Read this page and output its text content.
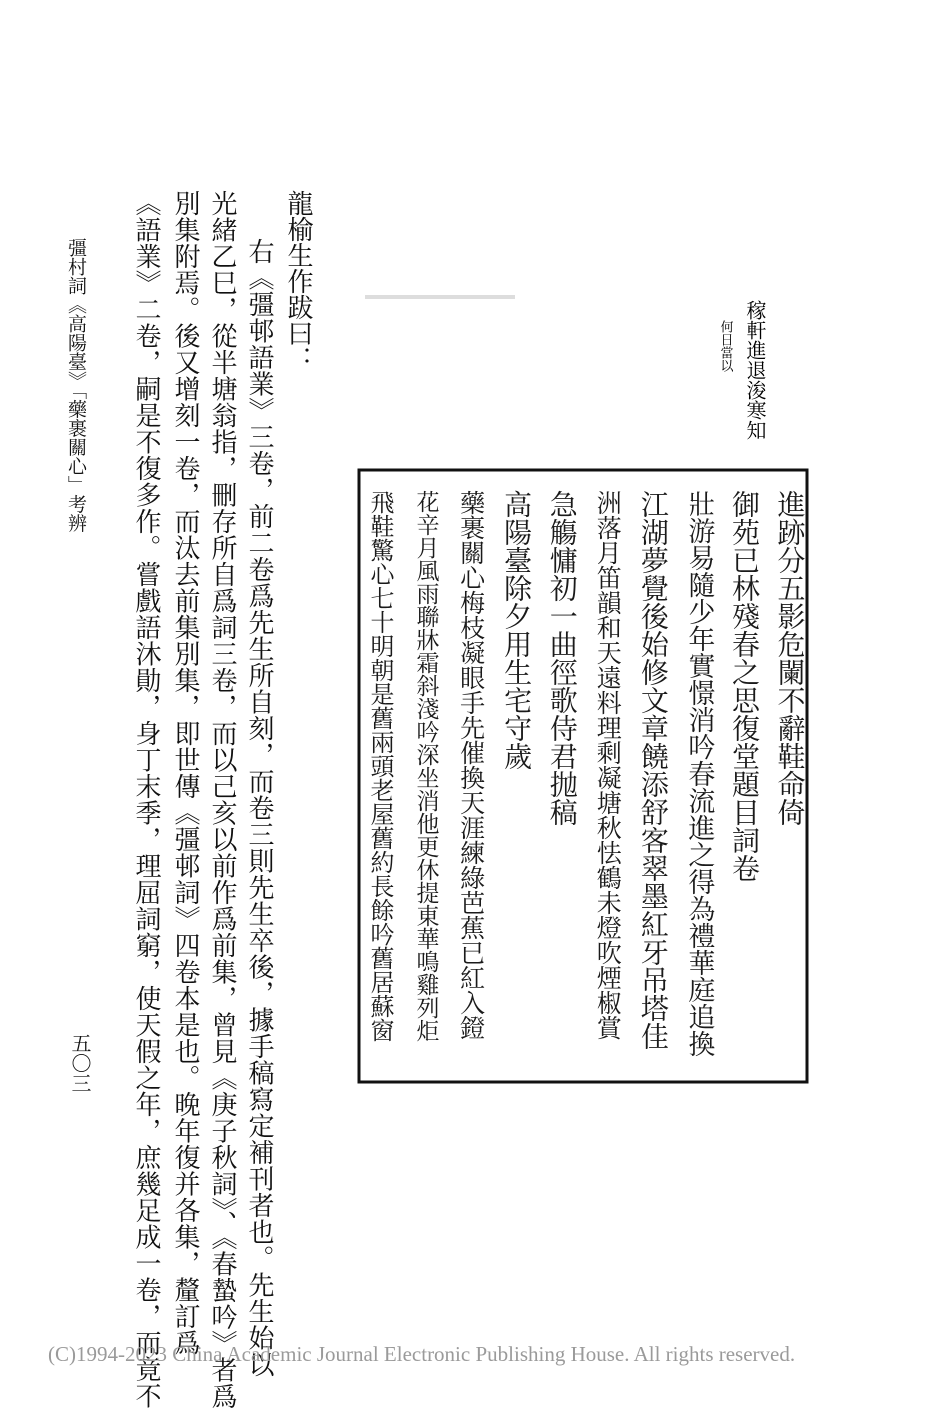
龍榆生作跋曰：
右《彊邨語業》三卷，前二卷爲先生所自刻，而卷三則先生卒後，據手稿寫定補刊者也。先生始以
光緒乙巳，從半塘翁指，刪存所自爲詞三卷，而以己亥以前作爲前集，曾見《庚子秋詞》、《春蟄吟》者爲
別集附焉。後又增刻一卷，而汰去前集別集，即世傳《彊邨詞》四卷本是也。晚年復并各集，釐訂爲
《語業》二卷，嗣是不復多作。嘗戲語沐勛，身丁末季，理屈詞窮，使天假之年，庶幾足成一卷，而竟不
彊村詞《高陽臺》「藥裹關心」考辨
五〇三
稼軒進退浚寒知
何日當以
進跡分五影危闌不辭鞋命倚
御苑已林殘春之思復堂題目詞卷
壯游易隨少年實憬消吟春流進之得為禮華庭追換
江湖夢覺後始修文章饒添舒客翠墨紅牙吊塔佳
洲落月笛韻和天遠料理剩凝塘秋怯鶴未燈吹煙椒賞
急觴慵初一曲徑歌侍君抛稿
高陽臺除夕用生宅守歲
藥裹關心梅枝凝眼手先催換天涯練綠芭蕉已紅入鐙
花辛月風雨聯牀霜斜淺吟深坐消他更休提東華鳴雞列炬
飛鞋驚心七十明朝是舊兩頭老屋舊約長餘吟舊居蘇窗
(C)1994-2023 China Academic Journal Electronic Publishing House. All rights reserved.
